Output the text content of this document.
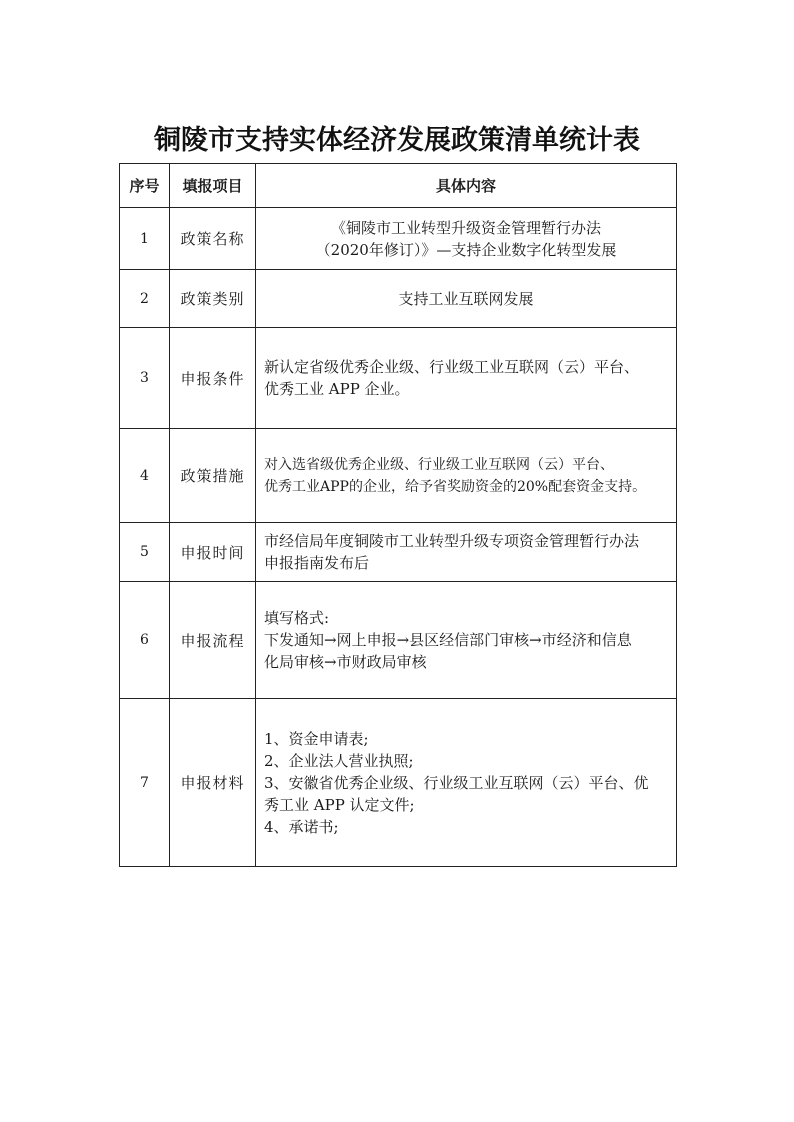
铜陵市支持实体经济发展政策清单统计表
序号	填报项目	具体内容
1	政策名称	《铜陵市工业转型升级资金管理暂行办法
（2020年修订）》—支持企业数字化转型发展

2	政策类别	支持工业互联网发展

3	申报条件	新认定省级优秀企业级、行业级工业互联网（云）平台、
优秀工业 APP 企业。

4	政策措施	对入选省级优秀企业级、行业级工业互联网（云）平台、
优秀工业APP的企业，给予省奖励资金的20%配套资金支持。

5	申报时间	市经信局年度铜陵市工业转型升级专项资金管理暂行办法
申报指南发布后

6	申报流程	填写格式:
下发通知→网上申报→县区经信部门审核→市经济和信息
化局审核→市财政局审核

7	申报材料	1、资金申请表;
2、企业法人营业执照;
3、安徽省优秀企业级、行业级工业互联网（云）平台、优
秀工业 APP 认定文件;
4、承诺书;
